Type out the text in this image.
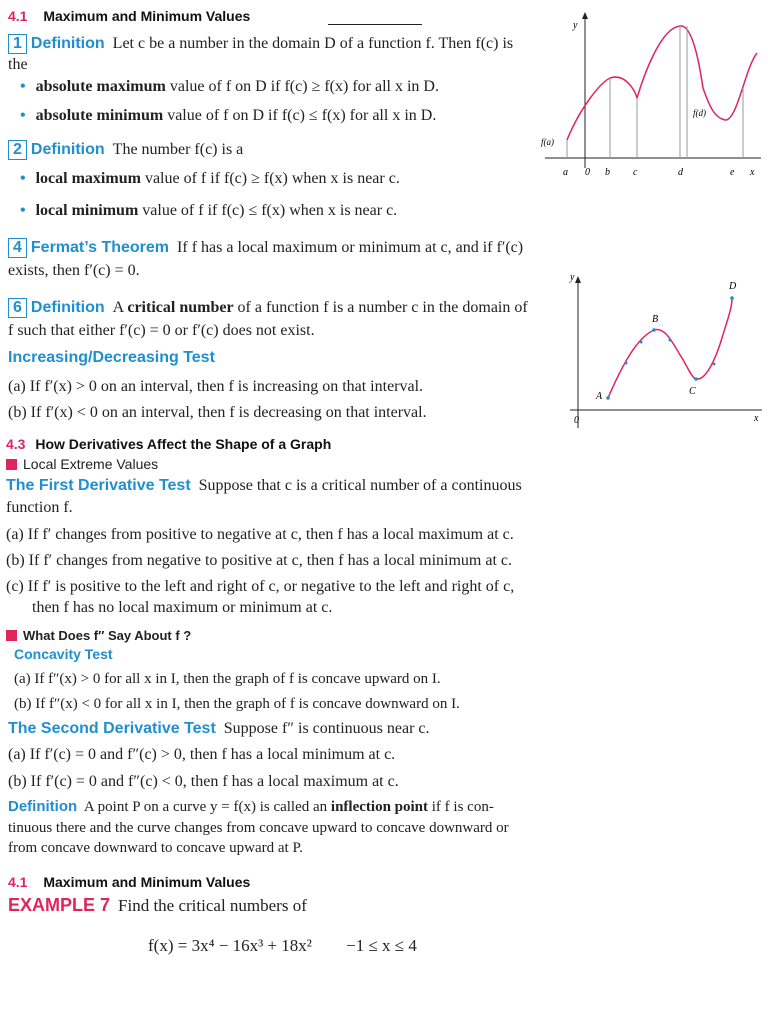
4.1 Maximum and Minimum Values
1 Definition Let c be a number in the domain D of a function f. Then f(c) is
the
• absolute maximum value of f on D if f(c) ≥ f(x) for all x in D.
• absolute minimum value of f on D if f(c) ≤ f(x) for all x in D.
2 Definition The number f(c) is a
• local maximum value of f if f(c) ≥ f(x) when x is near c.
• local minimum value of f if f(c) ≤ f(x) when x is near c.
y
x
f(a)
f(d)
a 0 b c	d	e
4 Fermat’s Theorem If f has a local maximum or minimum at c, and if f′(c)
exists, then f′(c) = 0.
6 Definition A critical number of a function f is a number c in the domain of
f such that either f′(c) = 0 or f′(c) does not exist.
y
x
0
A
B
C
D
Increasing/Decreasing Test
(a) If f′(x) > 0 on an interval, then f is increasing on that interval.
(b) If f′(x) < 0 on an interval, then f is decreasing on that interval.
4.3 How Derivatives Affect the Shape of a Graph
Local Extreme Values
The First Derivative Test Suppose that c is a critical number of a continuous
function f.
(a) If f′ changes from positive to negative at c, then f has a local maximum at c.
(b) If f′ changes from negative to positive at c, then f has a local minimum at c.
(c) If f′ is positive to the left and right of c, or negative to the left and right of c,
then f has no local maximum or minimum at c.
What Does f″ Say About f ?
Concavity Test
(a) If f″(x) > 0 for all x in I, then the graph of f is concave upward on I.
(b) If f″(x) < 0 for all x in I, then the graph of f is concave downward on I.
The Second Derivative Test Suppose f″ is continuous near c.
(a) If f′(c) = 0 and f″(c) > 0, then f has a local minimum at c.
(b) If f′(c) = 0 and f″(c) < 0, then f has a local maximum at c.
Definition A point P on a curve y = f(x) is called an inflection point if f is con-
tinuous there and the curve changes from concave upward to concave downward or
from concave downward to concave upward at P.
4.1 Maximum and Minimum Values
EXAMPLE 7 Find the critical numbers of
f(x) = 3x⁴ − 16x³ + 18x² −1 ≤ x ≤ 4
